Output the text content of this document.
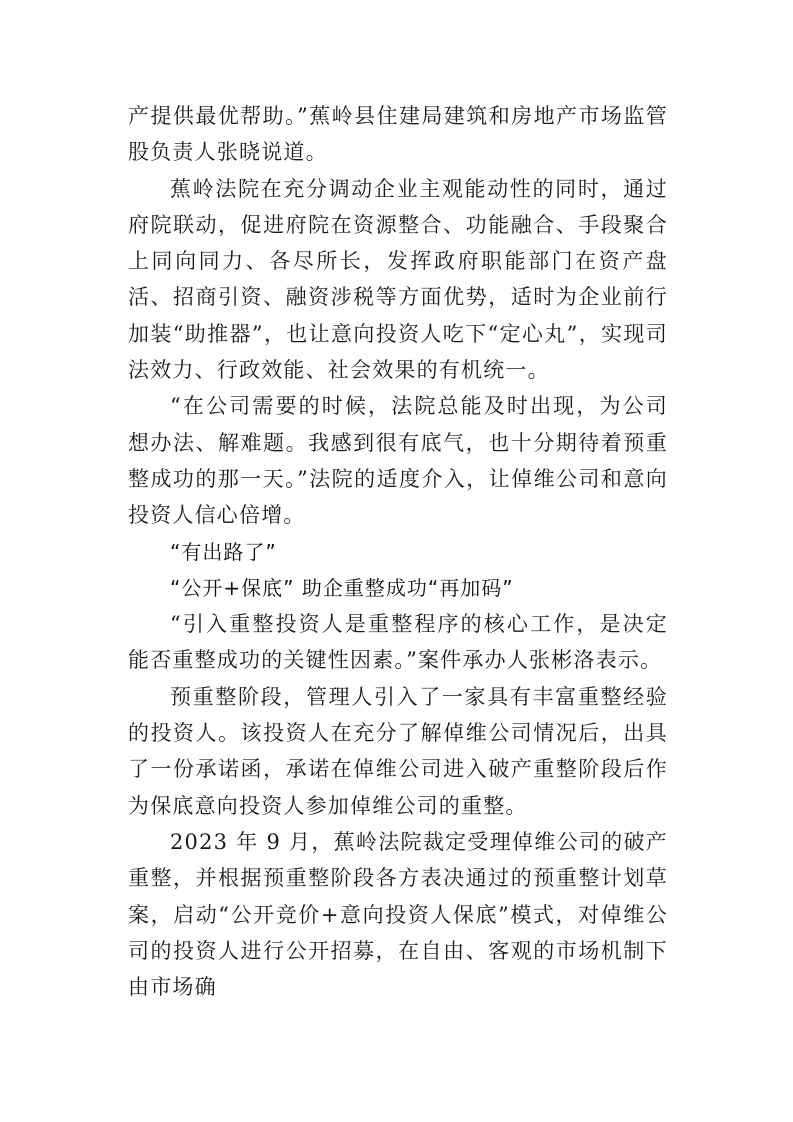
产提供最优帮助。”蕉岭县住建局建筑和房地产市场监管股负责人张晓说道。

蕉岭法院在充分调动企业主观能动性的同时，通过府院联动，促进府院在资源整合、功能融合、手段聚合上同向同力、各尽所长，发挥政府职能部门在资产盘活、招商引资、融资涉税等方面优势，适时为企业前行加装“助推器”，也让意向投资人吃下“定心丸”，实现司法效力、行政效能、社会效果的有机统一。

“在公司需要的时候，法院总能及时出现，为公司想办法、解难题。我感到很有底气，也十分期待着预重整成功的那一天。”法院的适度介入，让倬维公司和意向投资人信心倍增。

“有出路了”

“公开+保底” 助企重整成功“再加码”

“引入重整投资人是重整程序的核心工作，是决定能否重整成功的关键性因素。”案件承办人张彬洛表示。

预重整阶段，管理人引入了一家具有丰富重整经验的投资人。该投资人在充分了解倬维公司情况后，出具了一份承诺函，承诺在倬维公司进入破产重整阶段后作为保底意向投资人参加倬维公司的重整。

2023 年 9 月，蕉岭法院裁定受理倬维公司的破产重整，并根据预重整阶段各方表决通过的预重整计划草案，启动“公开竞价+意向投资人保底”模式，对倬维公司的投资人进行公开招募，在自由、客观的市场机制下由市场确
